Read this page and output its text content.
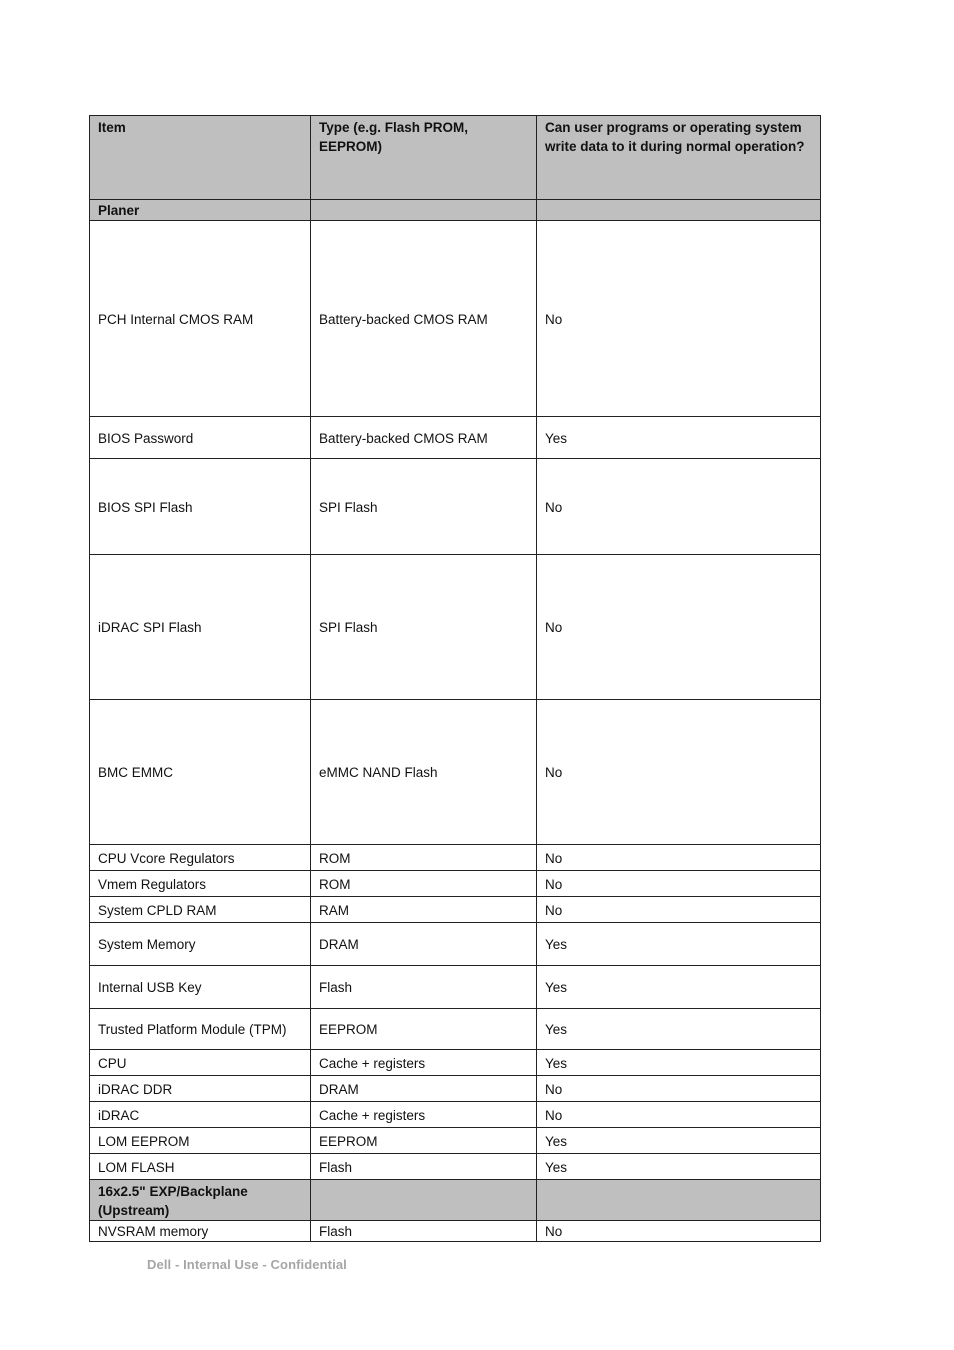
Item	Type (e.g. Flash PROM, EEPROM)	Can user programs or operating system write data to it during normal operation?
Planer		
PCH Internal CMOS RAM	Battery-backed CMOS RAM	No
BIOS Password	Battery-backed CMOS RAM	Yes
BIOS SPI Flash	SPI Flash	No
iDRAC SPI Flash	SPI Flash	No
BMC EMMC	eMMC NAND Flash	No
CPU Vcore Regulators	ROM	No
Vmem Regulators	ROM	No
System CPLD RAM	RAM	No
System Memory	DRAM	Yes
Internal USB Key	Flash	Yes
Trusted Platform Module (TPM)	EEPROM	Yes
CPU	Cache + registers	Yes
iDRAC DDR	DRAM	No
iDRAC	Cache + registers	No
LOM EEPROM	EEPROM	Yes
LOM FLASH	Flash	Yes
16x2.5" EXP/Backplane (Upstream)		
NVSRAM memory	Flash	No
Dell - Internal Use - Confidential
